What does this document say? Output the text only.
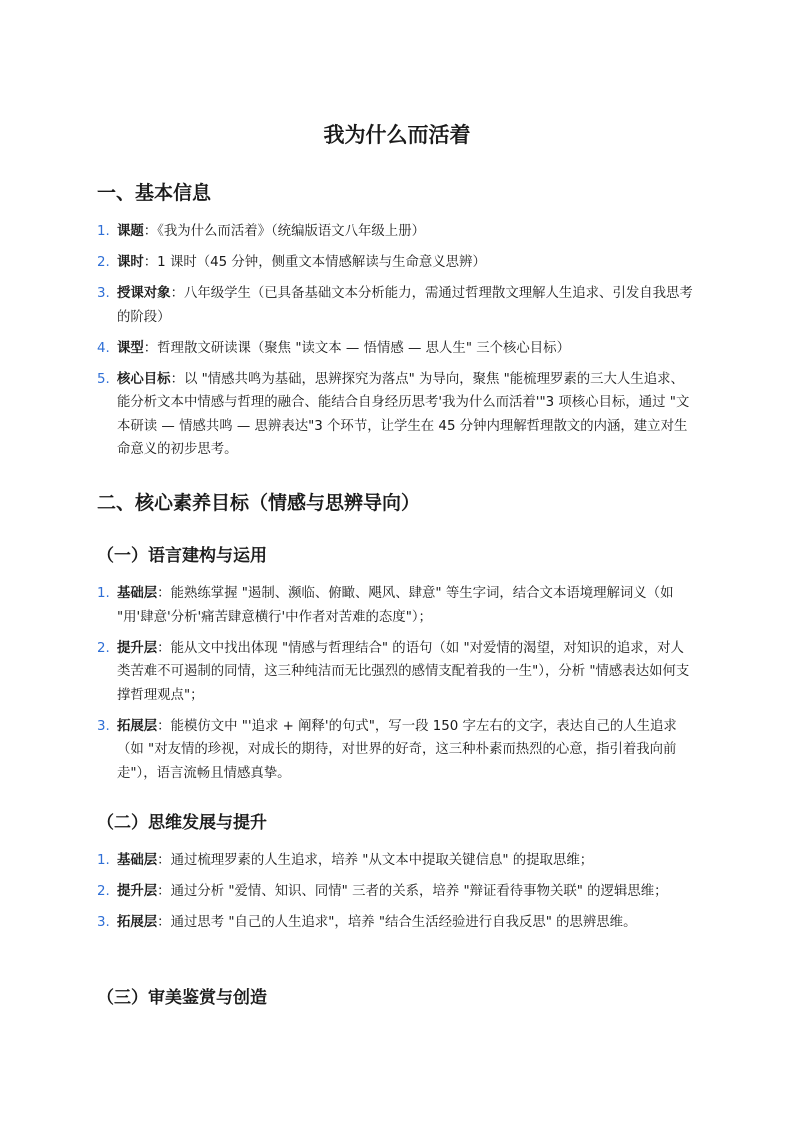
我为什么而活着
一、基本信息
1. 课题：《我为什么而活着》（统编版语文八年级上册）
2. 课时：1 课时（45 分钟，侧重文本情感解读与生命意义思辨）
3. 授课对象：八年级学生（已具备基础文本分析能力，需通过哲理散文理解人生追求、引发自我思考的阶段）
4. 课型：哲理散文研读课（聚焦 "读文本 — 悟情感 — 思人生" 三个核心目标）
5. 核心目标：以 "情感共鸣为基础，思辨探究为落点" 为导向，聚焦 "能梳理罗素的三大人生追求、能分析文本中情感与哲理的融合、能结合自身经历思考'我为什么而活着'"3 项核心目标，通过 "文本研读 — 情感共鸣 — 思辨表达"3 个环节，让学生在 45 分钟内理解哲理散文的内涵，建立对生命意义的初步思考。
二、核心素养目标（情感与思辨导向）
（一）语言建构与运用
1. 基础层：能熟练掌握 "遏制、濒临、俯瞰、飓风、肆意" 等生字词，结合文本语境理解词义（如 "用'肆意'分析'痛苦肆意横行'中作者对苦难的态度"）；
2. 提升层：能从文中找出体现 "情感与哲理结合" 的语句（如 "对爱情的渴望，对知识的追求，对人类苦难不可遏制的同情，这三种纯洁而无比强烈的感情支配着我的一生"），分析 "情感表达如何支撑哲理观点"；
3. 拓展层：能模仿文中 "'追求 + 阐释'的句式"，写一段 150 字左右的文字，表达自己的人生追求（如 "对友情的珍视，对成长的期待，对世界的好奇，这三种朴素而热烈的心意，指引着我向前走"），语言流畅且情感真挚。
（二）思维发展与提升
1. 基础层：通过梳理罗素的人生追求，培养 "从文本中提取关键信息" 的提取思维；
2. 提升层：通过分析 "爱情、知识、同情" 三者的关系，培养 "辩证看待事物关联" 的逻辑思维；
3. 拓展层：通过思考 "自己的人生追求"，培养 "结合生活经验进行自我反思" 的思辨思维。
（三）审美鉴赏与创造
